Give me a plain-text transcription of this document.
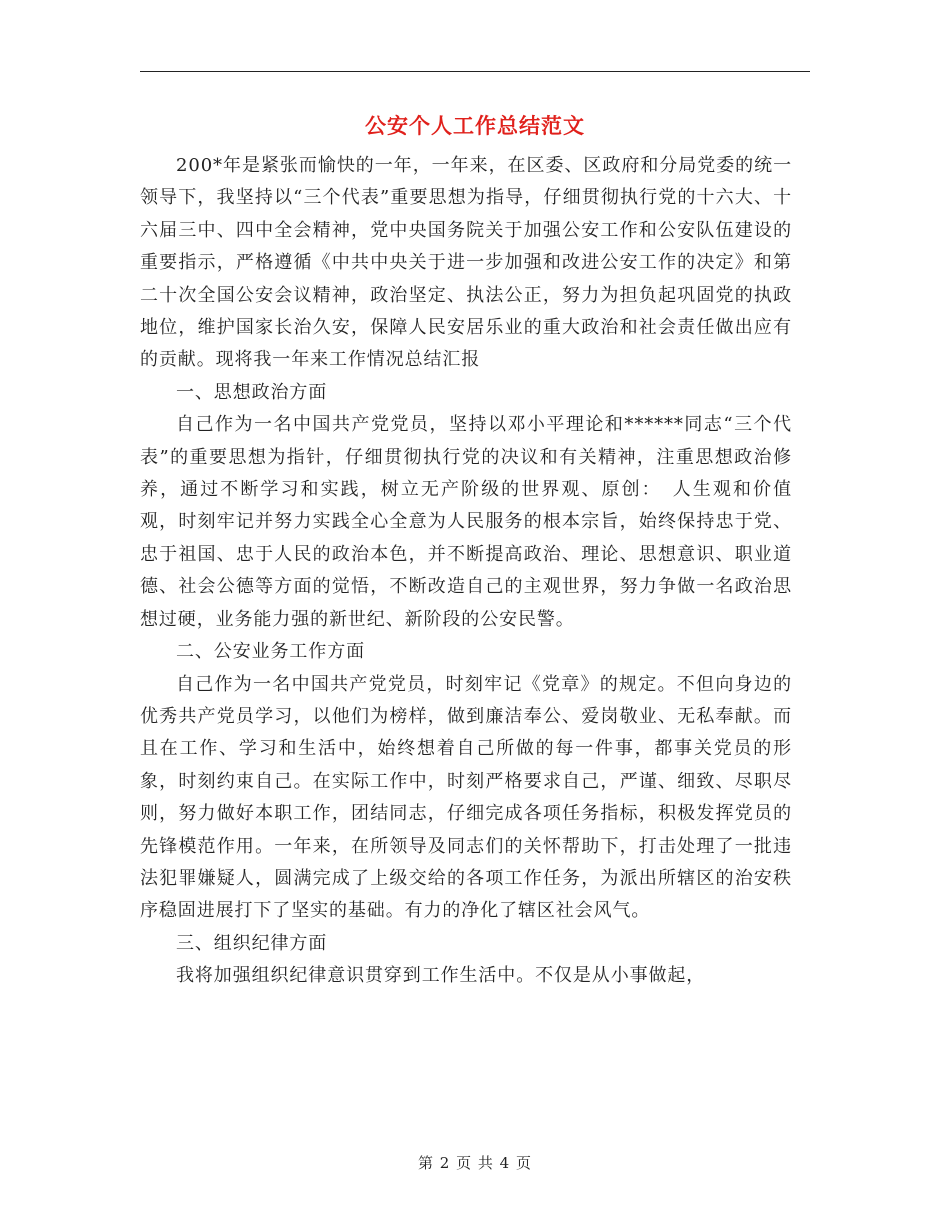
公安个人工作总结范文

200*年是紧张而愉快的一年，一年来，在区委、区政府和分局党委的统一领导下，我坚持以“三个代表”重要思想为指导，仔细贯彻执行党的十六大、十六届三中、四中全会精神，党中央国务院关于加强公安工作和公安队伍建设的重要指示，严格遵循《中共中央关于进一步加强和改进公安工作的决定》和第二十次全国公安会议精神，政治坚定、执法公正，努力为担负起巩固党的执政地位，维护国家长治久安，保障人民安居乐业的重大政治和社会责任做出应有的贡献。现将我一年来工作情况总结汇报

一、思想政治方面

自己作为一名中国共产党党员，坚持以邓小平理论和******同志“三个代表”的重要思想为指针，仔细贯彻执行党的决议和有关精神，注重思想政治修养，通过不断学习和实践，树立无产阶级的世界观、原创：　人生观和价值观，时刻牢记并努力实践全心全意为人民服务的根本宗旨，始终保持忠于党、忠于祖国、忠于人民的政治本色，并不断提高政治、理论、思想意识、职业道德、社会公德等方面的觉悟，不断改造自己的主观世界，努力争做一名政治思想过硬，业务能力强的新世纪、新阶段的公安民警。

二、公安业务工作方面

自己作为一名中国共产党党员，时刻牢记《党章》的规定。不但向身边的优秀共产党员学习，以他们为榜样，做到廉洁奉公、爱岗敬业、无私奉献。而且在工作、学习和生活中，始终想着自己所做的每一件事，都事关党员的形象，时刻约束自己。在实际工作中，时刻严格要求自己，严谨、细致、尽职尽则，努力做好本职工作，团结同志，仔细完成各项任务指标，积极发挥党员的先锋模范作用。一年来，在所领导及同志们的关怀帮助下，打击处理了一批违法犯罪嫌疑人，圆满完成了上级交给的各项工作任务，为派出所辖区的治安秩序稳固进展打下了坚实的基础。有力的净化了辖区社会风气。

三、组织纪律方面

我将加强组织纪律意识贯穿到工作生活中。不仅是从小事做起，

第 2 页 共 4 页
